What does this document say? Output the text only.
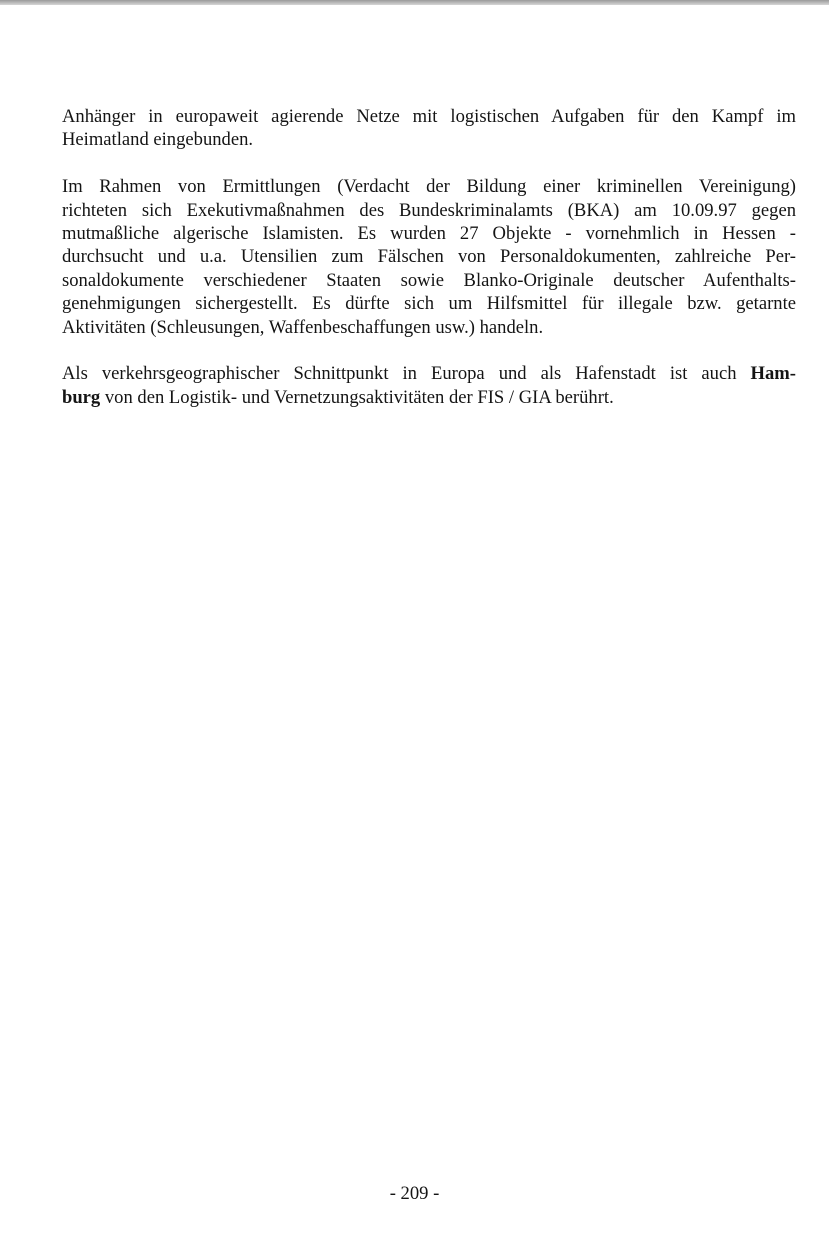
Anhänger in europaweit agierende Netze mit logistischen Aufgaben für den Kampf im
Heimatland eingebunden.

Im Rahmen von Ermittlungen (Verdacht der Bildung einer kriminellen Vereinigung)
richteten sich Exekutivmaßnahmen des Bundeskriminalamts (BKA) am 10.09.97 gegen
mutmaßliche algerische Islamisten. Es wurden 27 Objekte - vornehmlich in Hessen -
durchsucht und u.a. Utensilien zum Fälschen von Personaldokumenten, zahlreiche Per-
sonaldokumente verschiedener Staaten sowie Blanko-Originale deutscher Aufenthalts-
genehmigungen sichergestellt. Es dürfte sich um Hilfsmittel für illegale bzw. getarnte
Aktivitäten (Schleusungen, Waffenbeschaffungen usw.) handeln.

Als verkehrsgeographischer Schnittpunkt in Europa und als Hafenstadt ist auch Ham-
burg von den Logistik- und Vernetzungsaktivitäten der FIS / GIA berührt.

- 209 -
